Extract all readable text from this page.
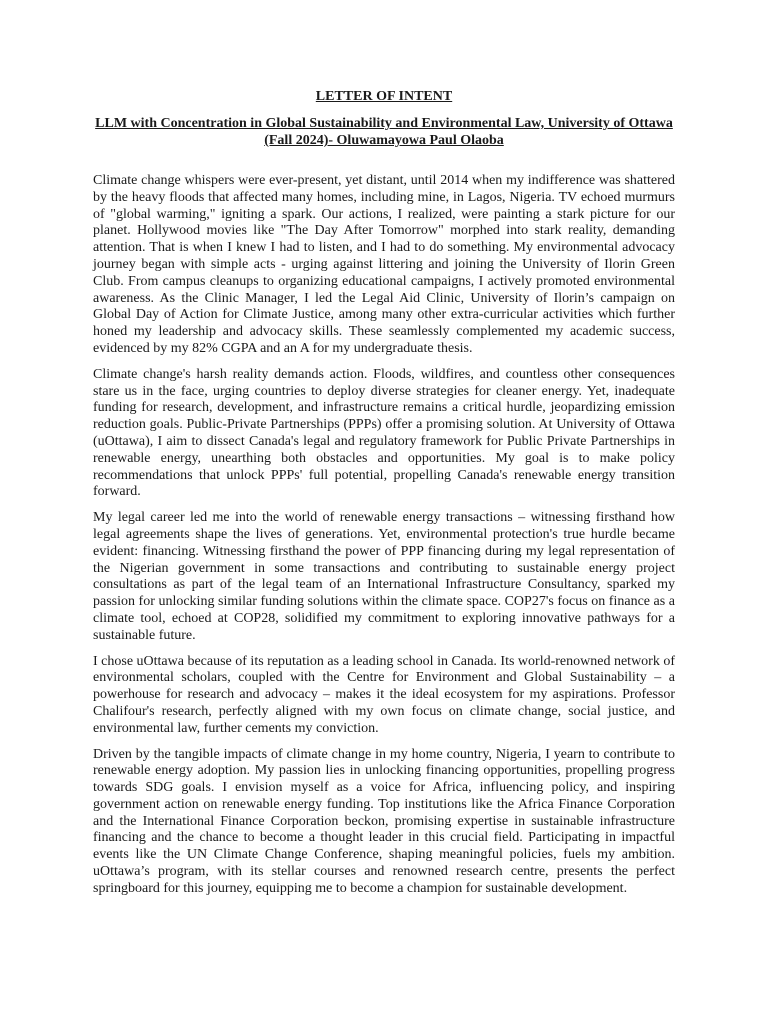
LETTER OF INTENT
LLM with Concentration in Global Sustainability and Environmental Law, University of Ottawa (Fall 2024)- Oluwamayowa Paul Olaoba

Climate change whispers were ever-present, yet distant, until 2014 when my indifference was shattered by the heavy floods that affected many homes, including mine, in Lagos, Nigeria. TV echoed murmurs of "global warming," igniting a spark. Our actions, I realized, were painting a stark picture for our planet. Hollywood movies like "The Day After Tomorrow" morphed into stark reality, demanding attention. That is when I knew I had to listen, and I had to do something. My environmental advocacy journey began with simple acts - urging against littering and joining the University of Ilorin Green Club. From campus cleanups to organizing educational campaigns, I actively promoted environmental awareness. As the Clinic Manager, I led the Legal Aid Clinic, University of Ilorin’s campaign on Global Day of Action for Climate Justice, among many other extra-curricular activities which further honed my leadership and advocacy skills. These seamlessly complemented my academic success, evidenced by my 82% CGPA and an A for my undergraduate thesis.

Climate change's harsh reality demands action. Floods, wildfires, and countless other consequences stare us in the face, urging countries to deploy diverse strategies for cleaner energy. Yet, inadequate funding for research, development, and infrastructure remains a critical hurdle, jeopardizing emission reduction goals. Public-Private Partnerships (PPPs) offer a promising solution. At University of Ottawa (uOttawa), I aim to dissect Canada's legal and regulatory framework for Public Private Partnerships in renewable energy, unearthing both obstacles and opportunities. My goal is to make policy recommendations that unlock PPPs' full potential, propelling Canada's renewable energy transition forward.

My legal career led me into the world of renewable energy transactions – witnessing firsthand how legal agreements shape the lives of generations. Yet, environmental protection's true hurdle became evident: financing. Witnessing firsthand the power of PPP financing during my legal representation of the Nigerian government in some transactions and contributing to sustainable energy project consultations as part of the legal team of an International Infrastructure Consultancy, sparked my passion for unlocking similar funding solutions within the climate space. COP27's focus on finance as a climate tool, echoed at COP28, solidified my commitment to exploring innovative pathways for a sustainable future.

I chose uOttawa because of its reputation as a leading school in Canada. Its world-renowned network of environmental scholars, coupled with the Centre for Environment and Global Sustainability – a powerhouse for research and advocacy – makes it the ideal ecosystem for my aspirations. Professor Chalifour's research, perfectly aligned with my own focus on climate change, social justice, and environmental law, further cements my conviction.

Driven by the tangible impacts of climate change in my home country, Nigeria, I yearn to contribute to renewable energy adoption. My passion lies in unlocking financing opportunities, propelling progress towards SDG goals. I envision myself as a voice for Africa, influencing policy, and inspiring government action on renewable energy funding. Top institutions like the Africa Finance Corporation and the International Finance Corporation beckon, promising expertise in sustainable infrastructure financing and the chance to become a thought leader in this crucial field. Participating in impactful events like the UN Climate Change Conference, shaping meaningful policies, fuels my ambition. uOttawa’s program, with its stellar courses and renowned research centre, presents the perfect springboard for this journey, equipping me to become a champion for sustainable development.
